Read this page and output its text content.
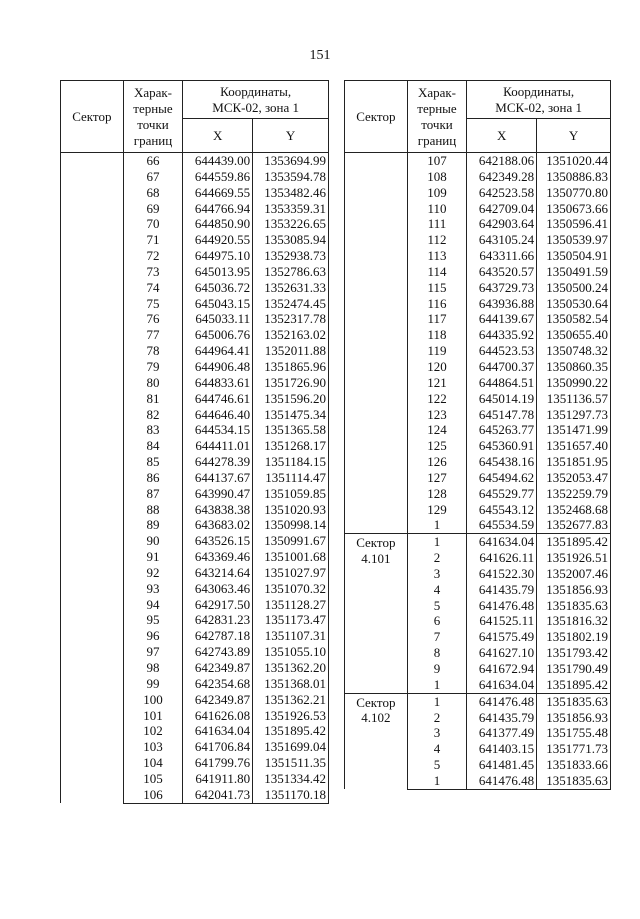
151
Сектор	Харак-
терные
точки
границ	Координаты,
МСК-02, зона 1	
		X	Y
	66	644439.00	1353694.99
	67	644559.86	1353594.78
	68	644669.55	1353482.46
	69	644766.94	1353359.31
	70	644850.90	1353226.65
	71	644920.55	1353085.94
	72	644975.10	1352938.73
	73	645013.95	1352786.63
	74	645036.72	1352631.33
	75	645043.15	1352474.45
	76	645033.11	1352317.78
	77	645006.76	1352163.02
	78	644964.41	1352011.88
	79	644906.48	1351865.96
	80	644833.61	1351726.90
	81	644746.61	1351596.20
	82	644646.40	1351475.34
	83	644534.15	1351365.58
	84	644411.01	1351268.17
	85	644278.39	1351184.15
	86	644137.67	1351114.47
	87	643990.47	1351059.85
	88	643838.38	1351020.93
	89	643683.02	1350998.14
	90	643526.15	1350991.67
	91	643369.46	1351001.68
	92	643214.64	1351027.97
	93	643063.46	1351070.32
	94	642917.50	1351128.27
	95	642831.23	1351173.47
	96	642787.18	1351107.31
	97	642743.89	1351055.10
	98	642349.87	1351362.20
	99	642354.68	1351368.01
	100	642349.87	1351362.21
	101	641626.08	1351926.53
	102	641634.04	1351895.42
	103	641706.84	1351699.04
	104	641799.76	1351511.35
	105	641911.80	1351334.42
	106	642041.73	1351170.18
Сектор	Харак-
терные
точки
границ	Координаты,
МСК-02, зона 1	
		X	Y
	107	642188.06	1351020.44
	108	642349.28	1350886.83
	109	642523.58	1350770.80
	110	642709.04	1350673.66
	111	642903.64	1350596.41
	112	643105.24	1350539.97
	113	643311.66	1350504.91
	114	643520.57	1350491.59
	115	643729.73	1350500.24
	116	643936.88	1350530.64
	117	644139.67	1350582.54
	118	644335.92	1350655.40
	119	644523.53	1350748.32
	120	644700.37	1350860.35
	121	644864.51	1350990.22
	122	645014.19	1351136.57
	123	645147.78	1351297.73
	124	645263.77	1351471.99
	125	645360.91	1351657.40
	126	645438.16	1351851.95
	127	645494.62	1352053.47
	128	645529.77	1352259.79
	129	645543.12	1352468.68
	1	645534.59	1352677.83
Сектор
4.101	1	641634.04	1351895.42
	2	641626.11	1351926.51
	3	641522.30	1352007.46
	4	641435.79	1351856.93
	5	641476.48	1351835.63
	6	641525.11	1351816.32
	7	641575.49	1351802.19
	8	641627.10	1351793.42
	9	641672.94	1351790.49
	1	641634.04	1351895.42
Сектор
4.102	1	641476.48	1351835.63
	2	641435.79	1351856.93
	3	641377.49	1351755.48
	4	641403.15	1351771.73
	5	641481.45	1351833.66
	1	641476.48	1351835.63
